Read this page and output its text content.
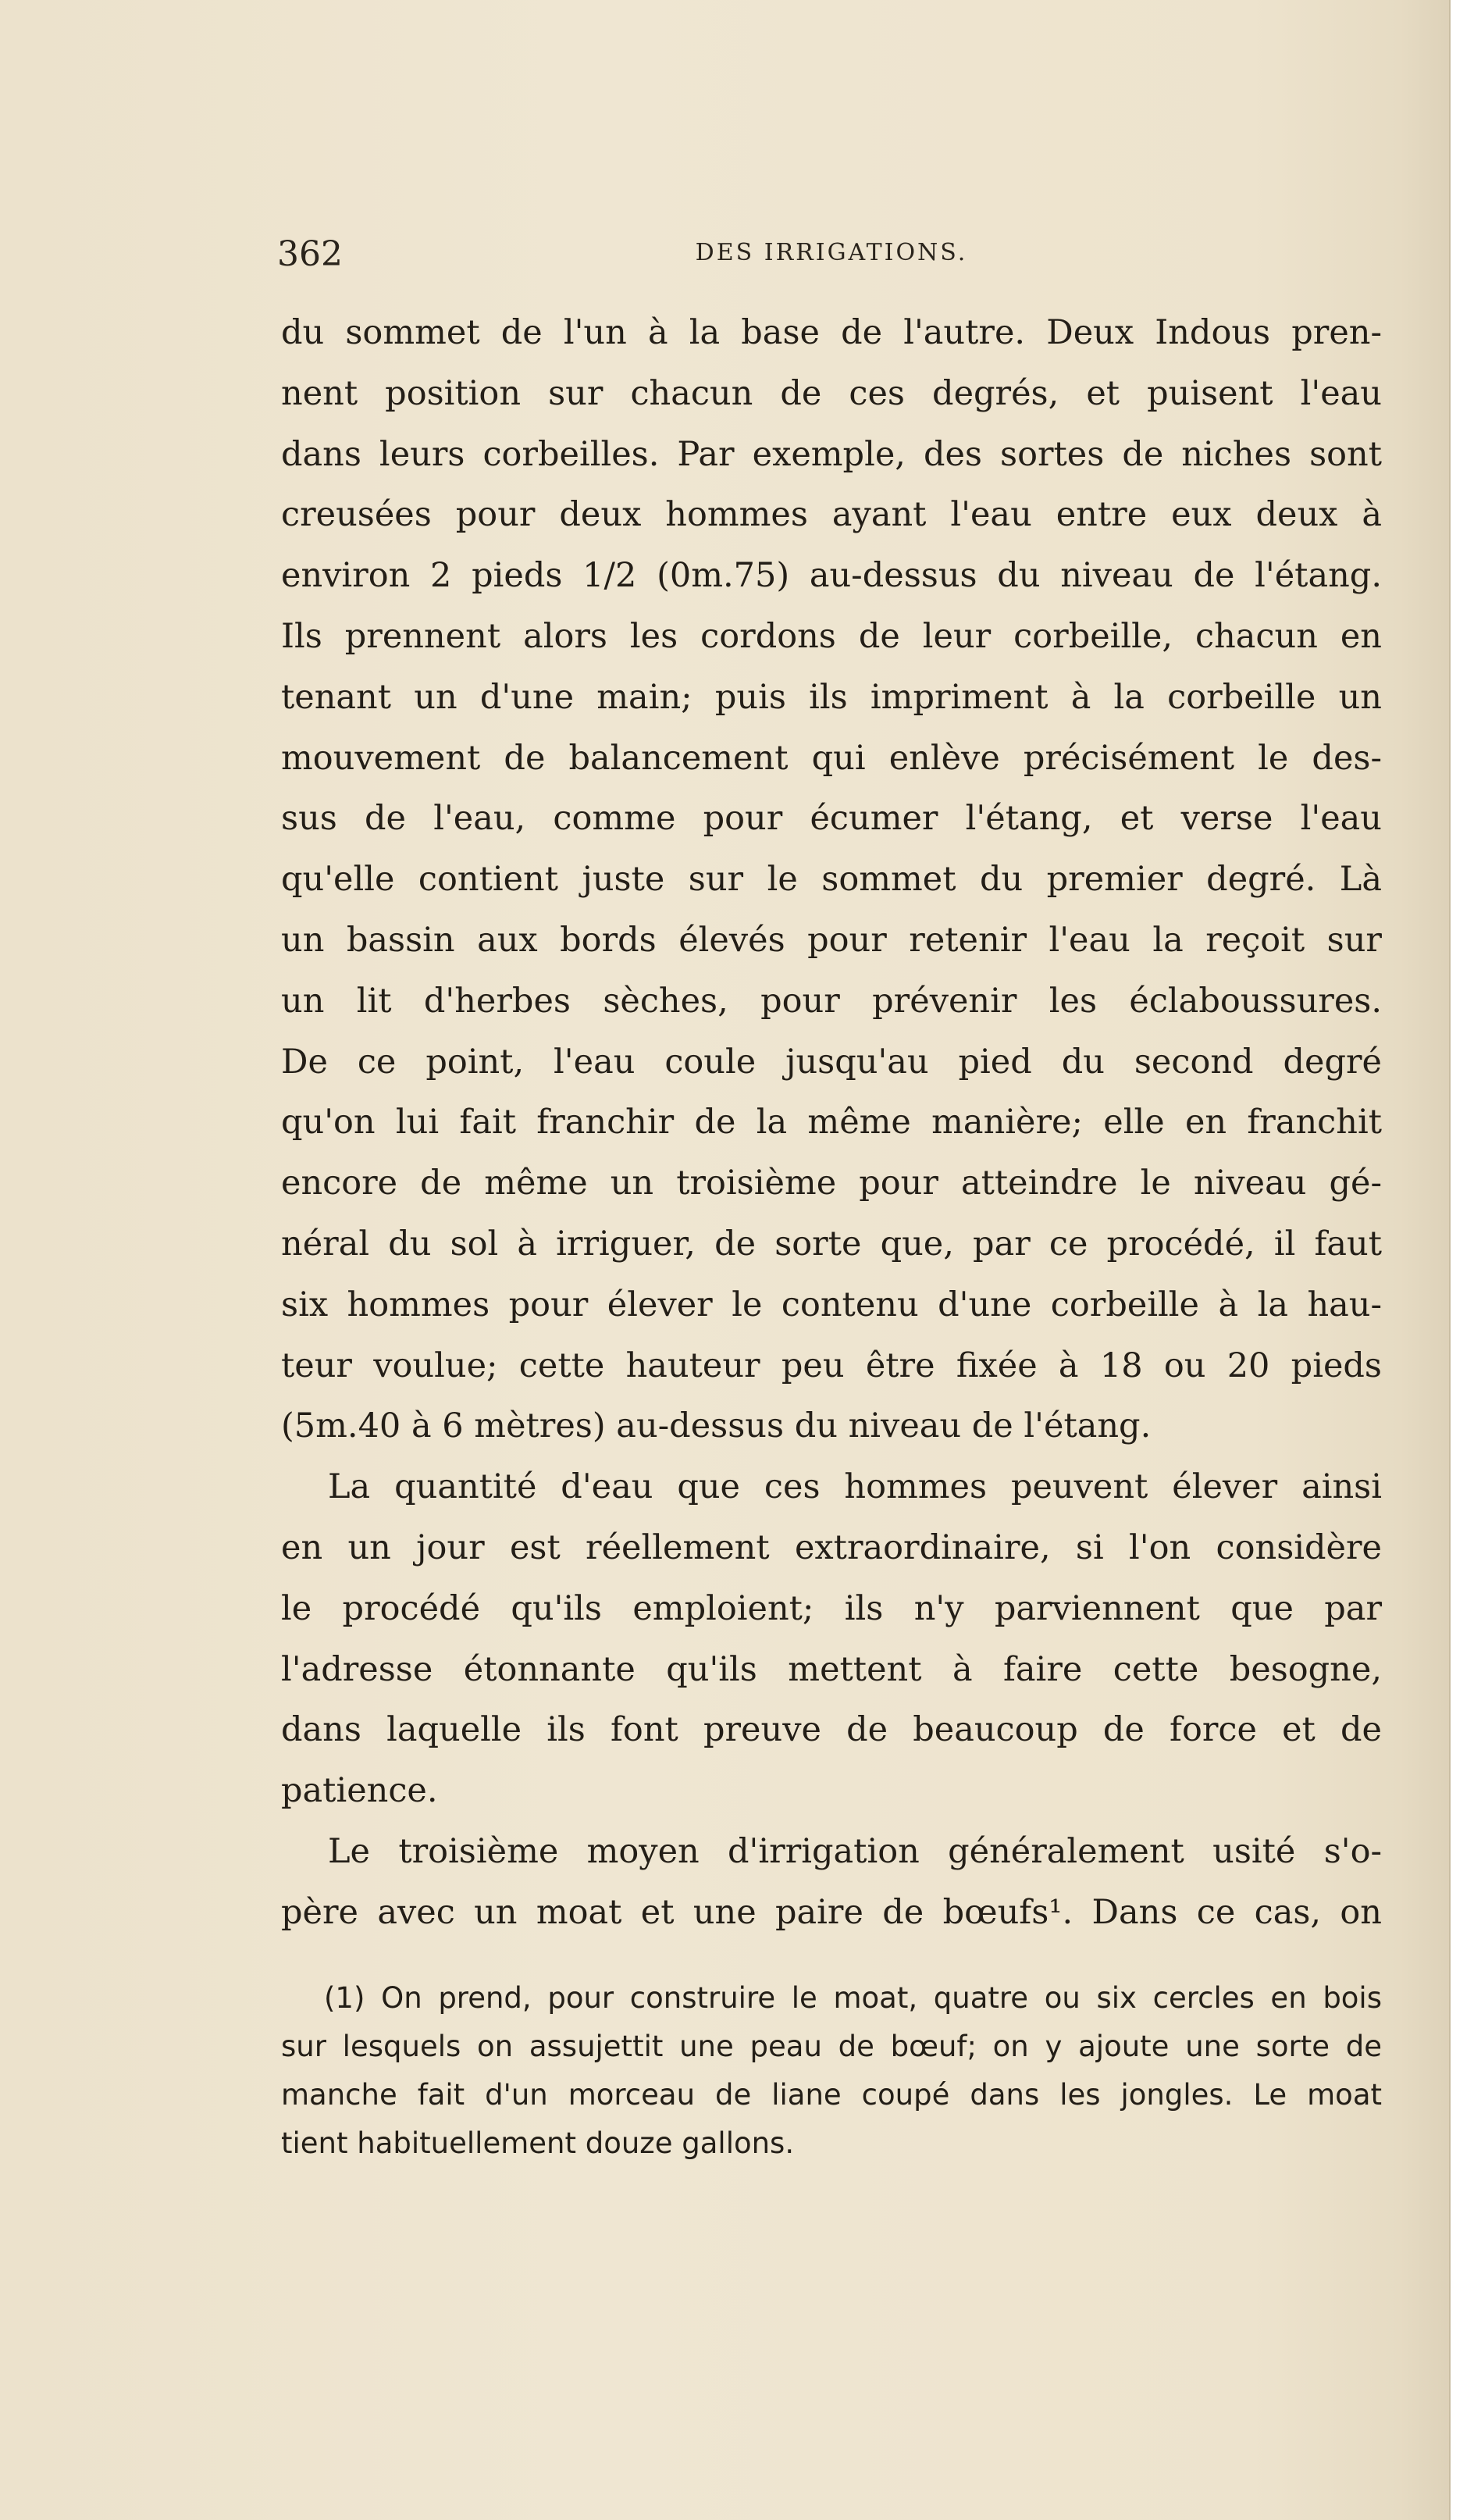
362	DES IRRIGATIONS.
du sommet de l'un à la base de l'autre. Deux Indous pren-
nent position sur chacun de ces degrés, et puisent l'eau
dans leurs corbeilles. Par exemple, des sortes de niches sont
creusées pour deux hommes ayant l'eau entre eux deux à
environ 2 pieds 1/2 (0m.75) au-dessus du niveau de l'étang.
Ils prennent alors les cordons de leur corbeille, chacun en
tenant un d'une main; puis ils impriment à la corbeille un
mouvement de balancement qui enlève précisément le des-
sus de l'eau, comme pour écumer l'étang, et verse l'eau
qu'elle contient juste sur le sommet du premier degré. Là
un bassin aux bords élevés pour retenir l'eau la reçoit sur
un lit d'herbes sèches, pour prévenir les éclaboussures.
De ce point, l'eau coule jusqu'au pied du second degré
qu'on lui fait franchir de la même manière; elle en franchit
encore de même un troisième pour atteindre le niveau gé-
néral du sol à irriguer, de sorte que, par ce procédé, il faut
six hommes pour élever le contenu d'une corbeille à la hau-
teur voulue; cette hauteur peu être fixée à 18 ou 20 pieds
(5m.40 à 6 mètres) au-dessus du niveau de l'étang.
La quantité d'eau que ces hommes peuvent élever ainsi
en un jour est réellement extraordinaire, si l'on considère
le procédé qu'ils emploient; ils n'y parviennent que par
l'adresse étonnante qu'ils mettent à faire cette besogne,
dans laquelle ils font preuve de beaucoup de force et de
patience.
Le troisième moyen d'irrigation généralement usité s'o-
père avec un moat et une paire de bœufs¹. Dans ce cas, on
(1) On prend, pour construire le moat, quatre ou six cercles en bois
sur lesquels on assujettit une peau de bœuf; on y ajoute une sorte de
manche fait d'un morceau de liane coupé dans les jongles. Le moat
tient habituellement douze gallons.
